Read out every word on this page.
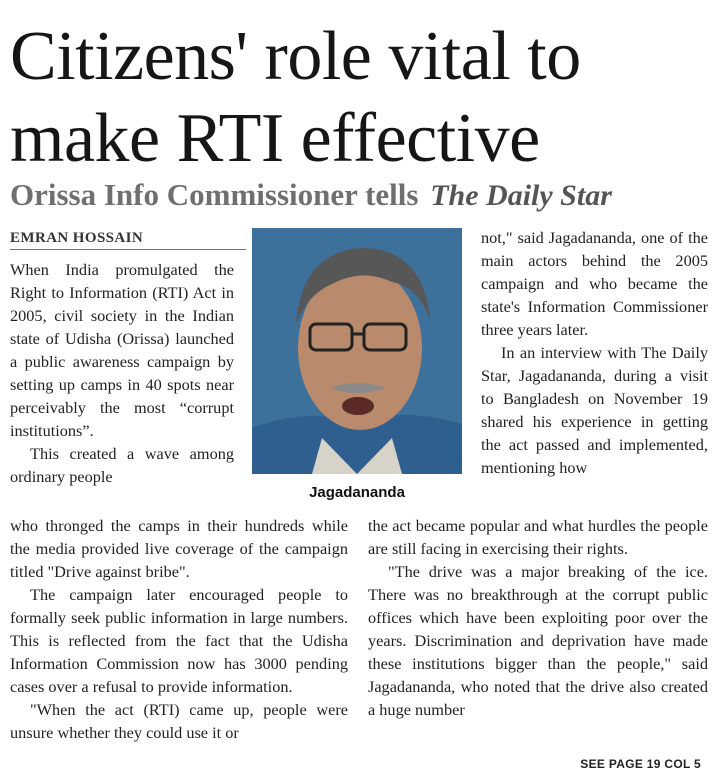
Citizens' role vital to make RTI effective
Orissa Info Commissioner tells The Daily Star
EMRAN HOSSAIN

When India promulgated the Right to Information (RTI) Act in 2005, civil society in the Indian state of Udisha (Orissa) launched a public awareness campaign by setting up camps in 40 spots near perceivably the most “corrupt institutions”.

This created a wave among ordinary people

Jagadananda

who thronged the camps in their hundreds while the media provided live coverage of the campaign titled "Drive against bribe".

The campaign later encouraged people to formally seek public information in large numbers. This is reflected from the fact that the Udisha Information Commission now has 3000 pending cases over a refusal to provide information.

"When the act (RTI) came up, people were unsure whether they could use it or

not," said Jagadananda, one of the main actors behind the 2005 campaign and who became the state's Information Commissioner three years later.

In an interview with The Daily Star, Jagadananda, during a visit to Bangladesh on November 19 shared his experience in getting the act passed and implemented, mentioning how

the act became popular and what hurdles the people are still facing in exercising their rights.

"The drive was a major breaking of the ice. There was no breakthrough at the corrupt public offices which have been exploiting poor over the years. Discrimination and deprivation have made these institutions bigger than the people," said Jagadananda, who noted that the drive also created a huge number

SEE PAGE 19 COL 5
